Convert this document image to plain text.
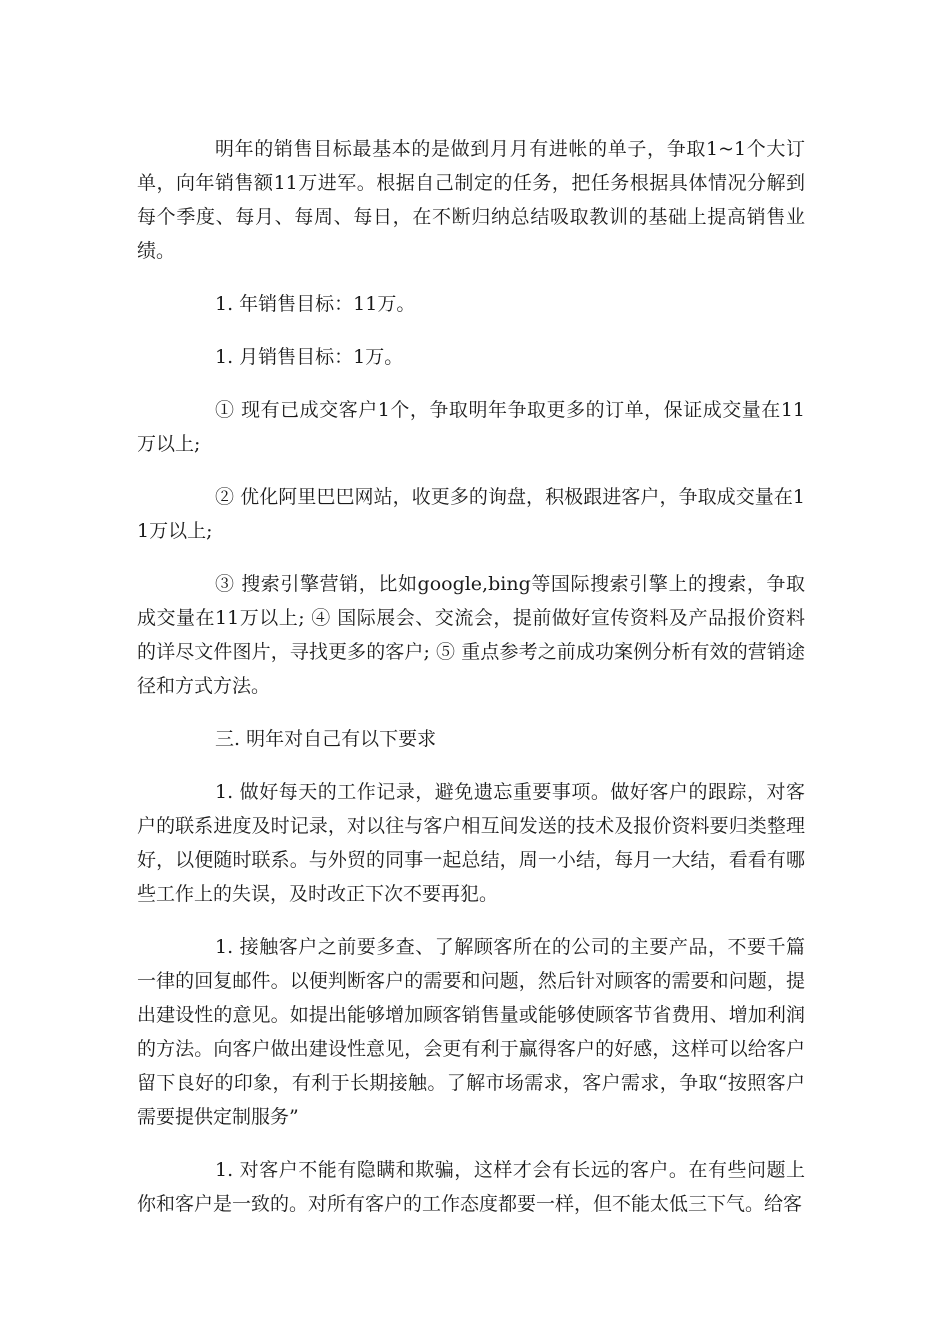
明年的销售目标最基本的是做到月月有进帐的单子，争取1~1个大订单，向年销售额11万进军。根据自己制定的任务，把任务根据具体情况分解到每个季度、每月、每周、每日，在不断归纳总结吸取教训的基础上提高销售业绩。

1. 年销售目标：11万。

1. 月销售目标：1万。

① 现有已成交客户1个，争取明年争取更多的订单，保证成交量在11万以上;

② 优化阿里巴巴网站，收更多的询盘，积极跟进客户，争取成交量在11万以上;

③ 搜索引擎营销，比如google,bing等国际搜索引擎上的搜索，争取成交量在11万以上; ④ 国际展会、交流会，提前做好宣传资料及产品报价资料的详尽文件图片，寻找更多的客户; ⑤ 重点参考之前成功案例分析有效的营销途径和方式方法。

三. 明年对自己有以下要求

1. 做好每天的工作记录，避免遗忘重要事项。做好客户的跟踪，对客户的联系进度及时记录，对以往与客户相互间发送的技术及报价资料要归类整理好，以便随时联系。与外贸的同事一起总结，周一小结，每月一大结，看看有哪些工作上的失误，及时改正下次不要再犯。

1. 接触客户之前要多查、了解顾客所在的公司的主要产品，不要千篇一律的回复邮件。以便判断客户的需要和问题，然后针对顾客的需要和问题，提出建设性的意见。如提出能够增加顾客销售量或能够使顾客节省费用、增加利润的方法。向客户做出建设性意见，会更有利于赢得客户的好感，这样可以给客户留下良好的印象，有利于长期接触。了解市场需求，客户需求，争取“按照客户需要提供定制服务”

1. 对客户不能有隐瞒和欺骗，这样才会有长远的客户。在有些问题上你和客户是一致的。对所有客户的工作态度都要一样，但不能太低三下气。给客
